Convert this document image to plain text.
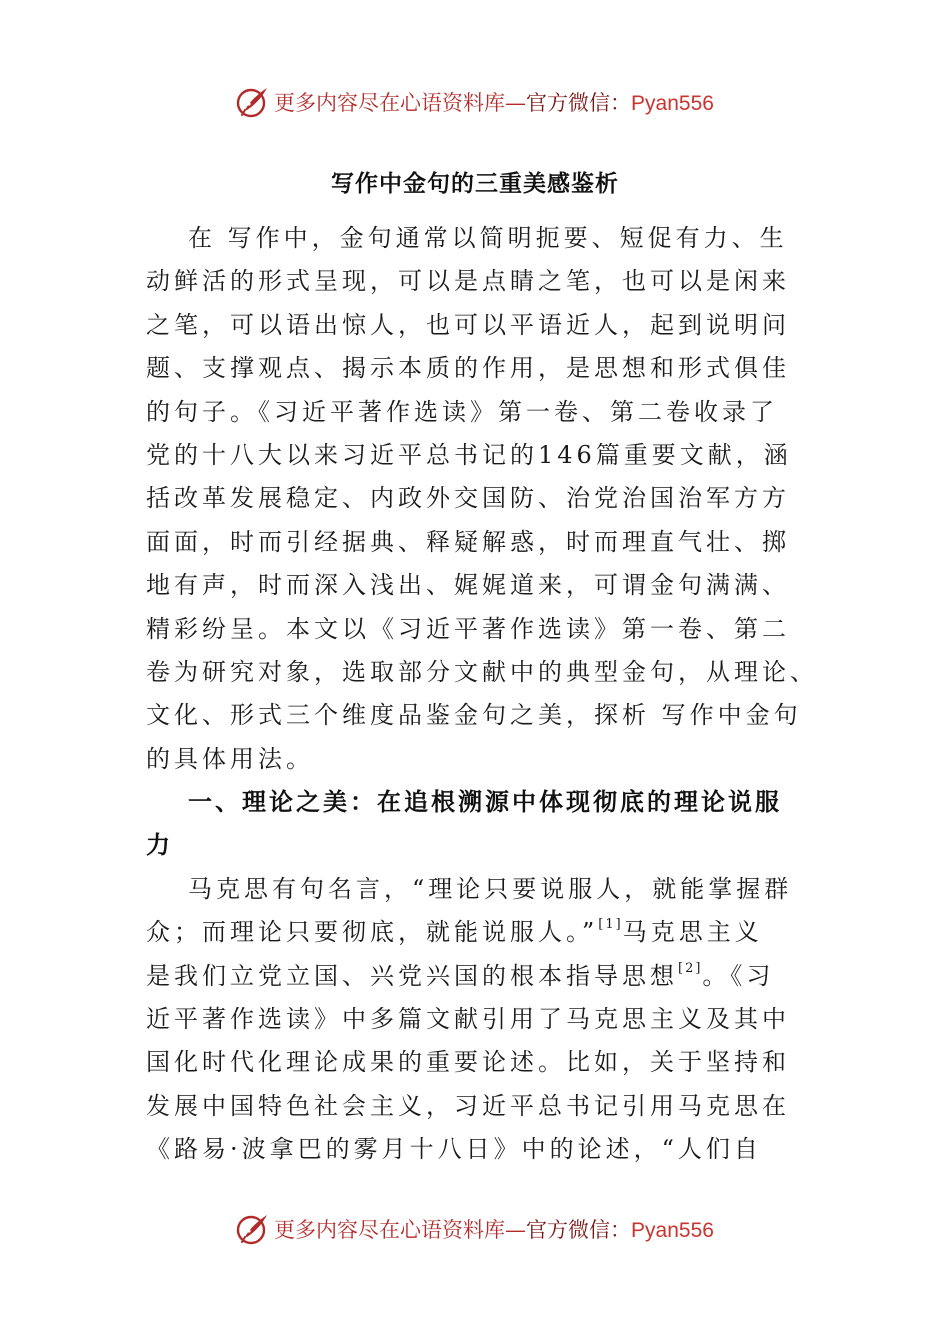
更多内容尽在心语资料库—官方微信：Pyan556
写作中金句的三重美感鉴析
在 写作中，金句通常以简明扼要、短促有力、生
动鲜活的形式呈现，可以是点睛之笔，也可以是闲来
之笔，可以语出惊人，也可以平语近人，起到说明问
题、支撑观点、揭示本质的作用，是思想和形式俱佳
的句子。《习近平著作选读》第一卷、第二卷收录了
党的十八大以来习近平总书记的146篇重要文献，涵
括改革发展稳定、内政外交国防、治党治国治军方方
面面，时而引经据典、释疑解惑，时而理直气壮、掷
地有声，时而深入浅出、娓娓道来，可谓金句满满、
精彩纷呈。本文以《习近平著作选读》第一卷、第二
卷为研究对象，选取部分文献中的典型金句，从理论、
文化、形式三个维度品鉴金句之美，探析 写作中金句
的具体用法。
一、理论之美：在追根溯源中体现彻底的理论说服
力
马克思有句名言，“理论只要说服人，就能掌握群
众；而理论只要彻底，就能说服人。”[1]马克思主义
是我们立党立国、兴党兴国的根本指导思想[2]。《习
近平著作选读》中多篇文献引用了马克思主义及其中
国化时代化理论成果的重要论述。比如，关于坚持和
发展中国特色社会主义，习近平总书记引用马克思在
《路易·波拿巴的雾月十八日》中的论述，“人们自
更多内容尽在心语资料库—官方微信：Pyan556
